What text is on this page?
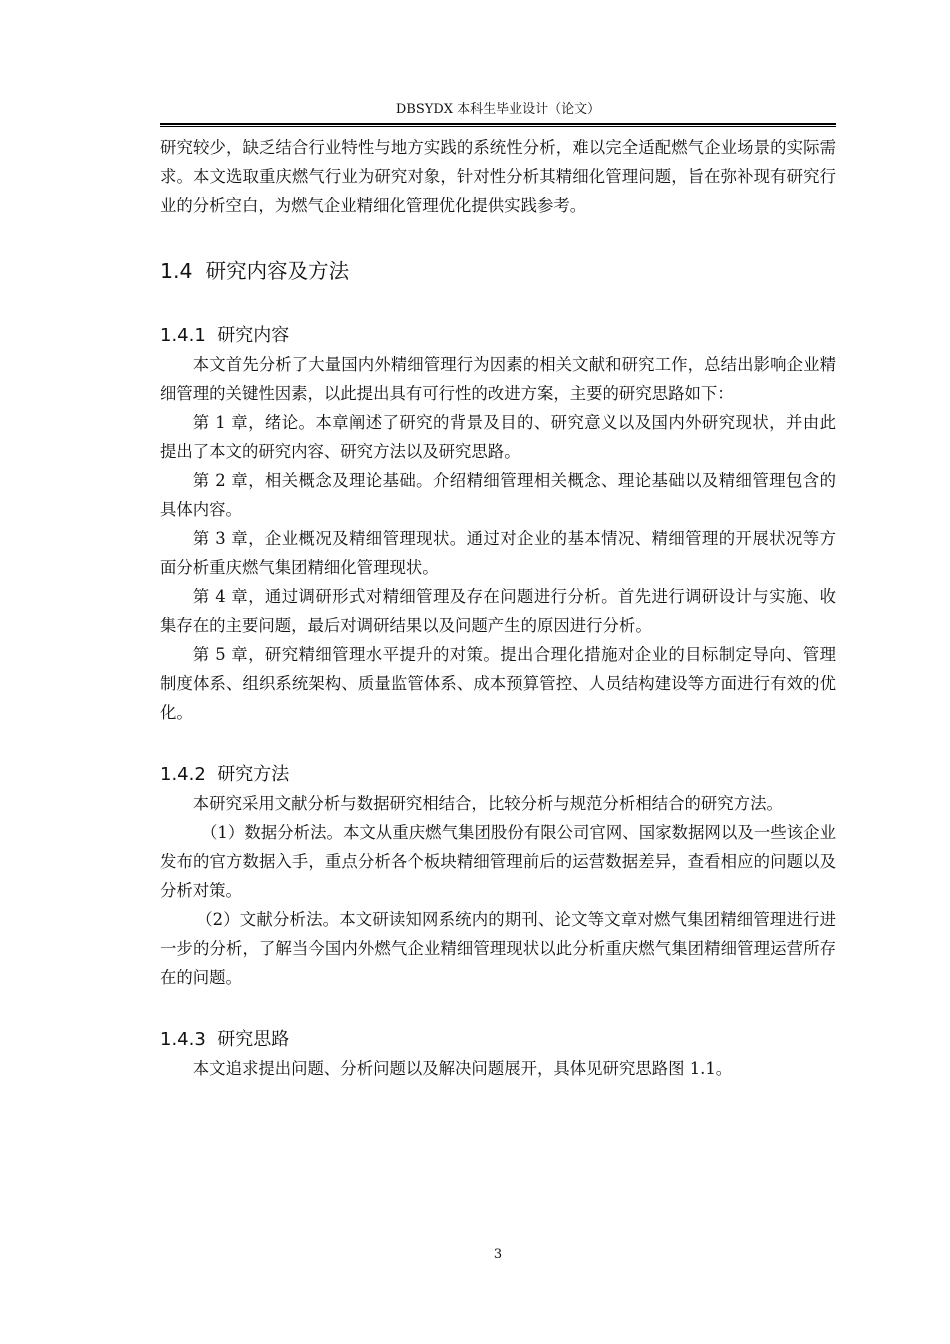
DBSYDX 本科生毕业设计（论文）

研究较少，缺乏结合行业特性与地方实践的系统性分析，难以完全适配燃气企业场景的实际需求。本文选取重庆燃气行业为研究对象，针对性分析其精细化管理问题，旨在弥补现有研究行业的分析空白，为燃气企业精细化管理优化提供实践参考。

1.4 研究内容及方法
1.4.1 研究内容

本文首先分析了大量国内外精细管理行为因素的相关文献和研究工作，总结出影响企业精细管理的关键性因素，以此提出具有可行性的改进方案，主要的研究思路如下：

第 1 章，绪论。本章阐述了研究的背景及目的、研究意义以及国内外研究现状，并由此提出了本文的研究内容、研究方法以及研究思路。

第 2 章，相关概念及理论基础。介绍精细管理相关概念、理论基础以及精细管理包含的具体内容。

第 3 章，企业概况及精细管理现状。通过对企业的基本情况、精细管理的开展状况等方面分析重庆燃气集团精细化管理现状。

第 4 章，通过调研形式对精细管理及存在问题进行分析。首先进行调研设计与实施、收集存在的主要问题，最后对调研结果以及问题产生的原因进行分析。

第 5 章，研究精细管理水平提升的对策。提出合理化措施对企业的目标制定导向、管理制度体系、组织系统架构、质量监管体系、成本预算管控、人员结构建设等方面进行有效的优化。

1.4.2 研究方法

本研究采用文献分析与数据研究相结合，比较分析与规范分析相结合的研究方法。

（1）数据分析法。本文从重庆燃气集团股份有限公司官网、国家数据网以及一些该企业发布的官方数据入手，重点分析各个板块精细管理前后的运营数据差异，查看相应的问题以及分析对策。

（2）文献分析法。本文研读知网系统内的期刊、论文等文章对燃气集团精细管理进行进一步的分析，了解当今国内外燃气企业精细管理现状以此分析重庆燃气集团精细管理运营所存在的问题。

1.4.3 研究思路

本文追求提出问题、分析问题以及解决问题展开，具体见研究思路图 1.1。

3
